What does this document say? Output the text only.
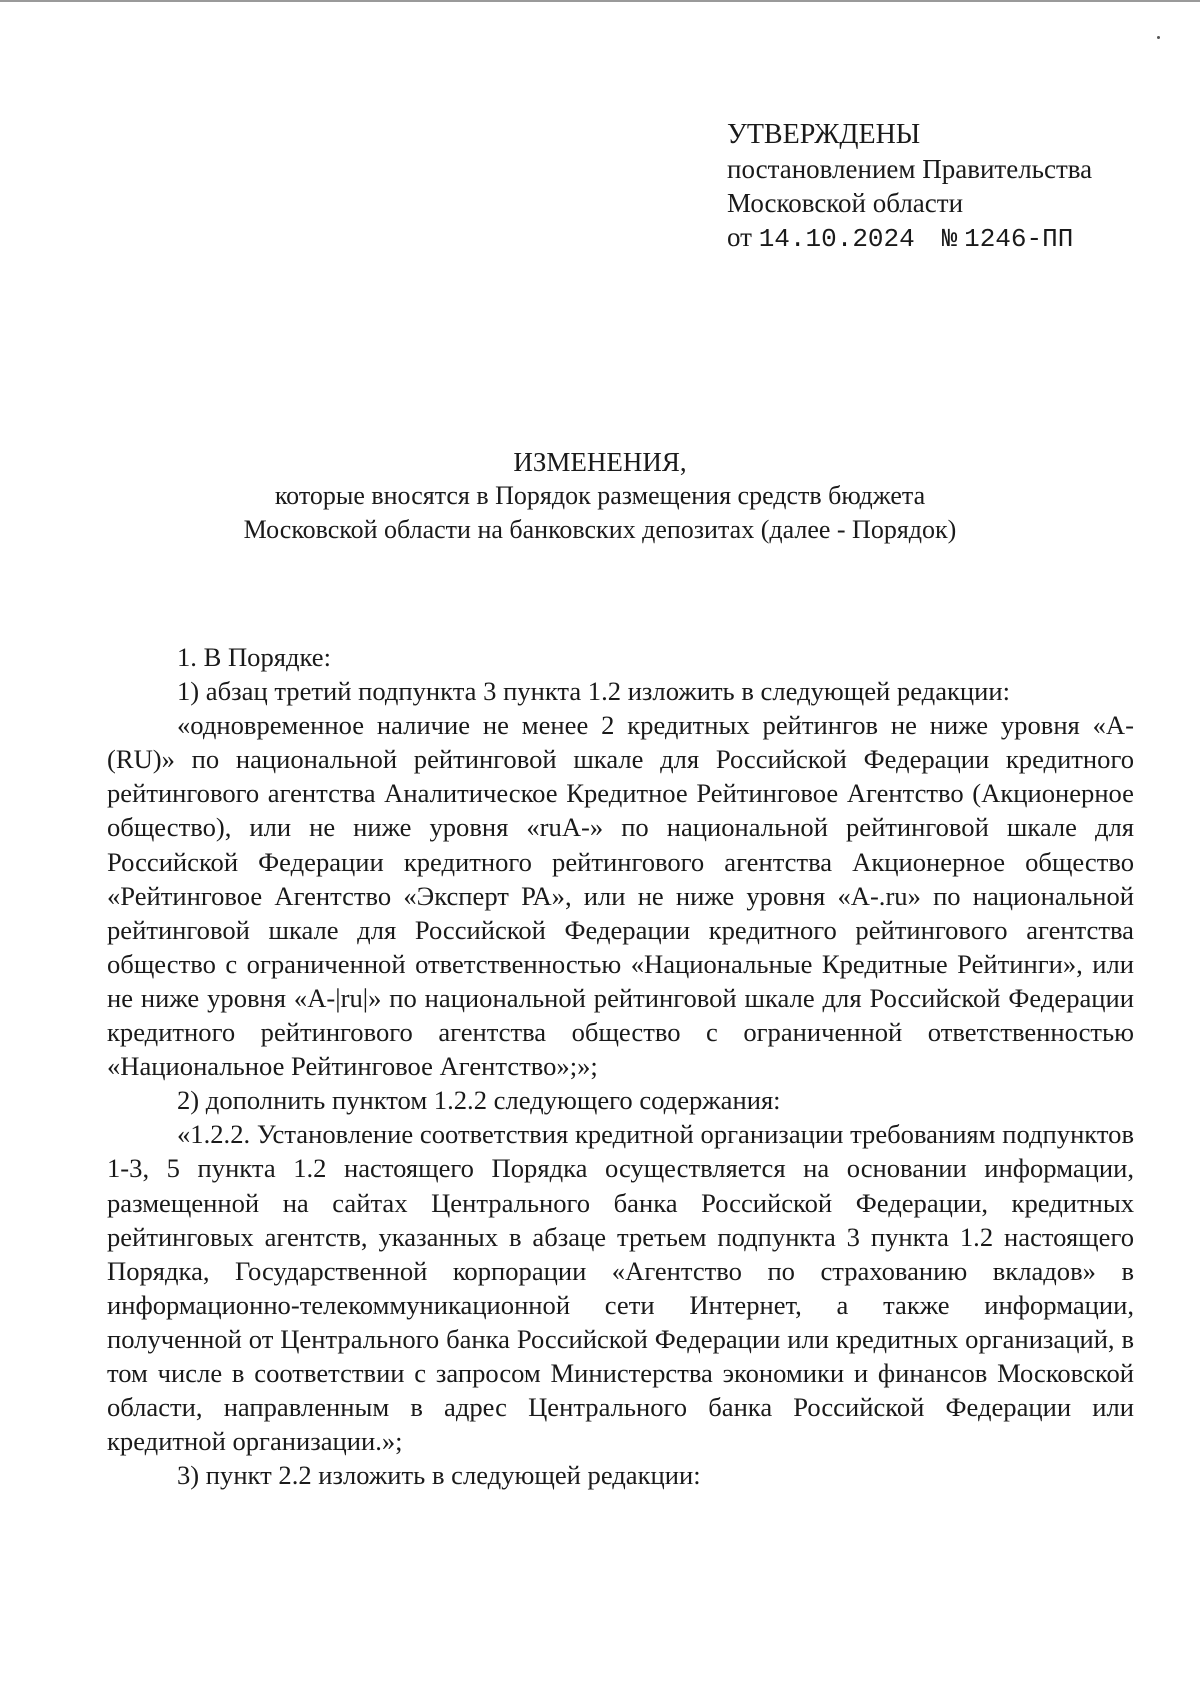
УТВЕРЖДЕНЫ
постановлением Правительства
Московской области
от 14.10.2024 № 1246-ПП
ИЗМЕНЕНИЯ,
которые вносятся в Порядок размещения средств бюджета
Московской области на банковских депозитах (далее - Порядок)

1. В Порядке:

1) абзац третий подпункта 3 пункта 1.2 изложить в следующей редакции:

«одновременное наличие не менее 2 кредитных рейтингов не ниже уровня «A-(RU)» по национальной рейтинговой шкале для Российской Федерации кредитного рейтингового агентства Аналитическое Кредитное Рейтинговое Агентство (Акционерное общество), или не ниже уровня «ruA-» по национальной рейтинговой шкале для Российской Федерации кредитного рейтингового агентства Акционерное общество «Рейтинговое Агентство «Эксперт РА», или не ниже уровня «A-.ru» по национальной рейтинговой шкале для Российской Федерации кредитного рейтингового агентства общество с ограниченной ответственностью «Национальные Кредитные Рейтинги», или не ниже уровня «A-|ru|» по национальной рейтинговой шкале для Российской Федерации кредитного рейтингового агентства общество с ограниченной ответственностью «Национальное Рейтинговое Агентство»;»;

2) дополнить пунктом 1.2.2 следующего содержания:

«1.2.2. Установление соответствия кредитной организации требованиям подпунктов 1-3, 5 пункта 1.2 настоящего Порядка осуществляется на основании информации, размещенной на сайтах Центрального банка Российской Федерации, кредитных рейтинговых агентств, указанных в абзаце третьем подпункта 3 пункта 1.2 настоящего Порядка, Государственной корпорации «Агентство по страхованию вкладов» в информационно-телекоммуникационной сети Интернет, а также информации, полученной от Центрального банка Российской Федерации или кредитных организаций, в том числе в соответствии с запросом Министерства экономики и финансов Московской области, направленным в адрес Центрального банка Российской Федерации или кредитной организации.»;

3) пункт 2.2 изложить в следующей редакции:
